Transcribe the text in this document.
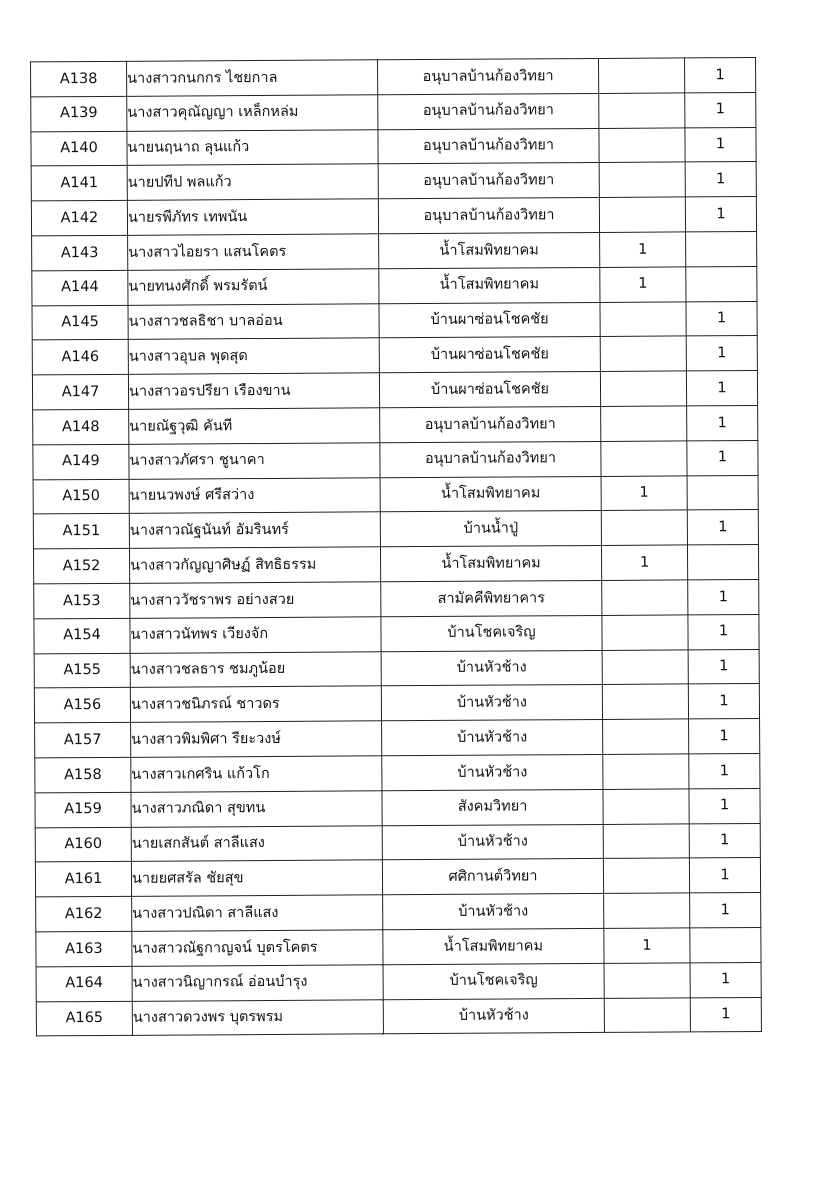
A138	นางสาวกนกกร ไชยกาล	อนุบาลบ้านก้องวิทยา		1
A139	นางสาวคุณัญญา เหล็กหล่ม	อนุบาลบ้านก้องวิทยา		1
A140	นายนฤนาถ ลุนแก้ว	อนุบาลบ้านก้องวิทยา		1
A141	นายปทีป พลแก้ว	อนุบาลบ้านก้องวิทยา		1
A142	นายรพีภัทร เทพนัน	อนุบาลบ้านก้องวิทยา		1
A143	นางสาวไอยรา แสนโคตร	น้ำโสมพิทยาคม	1	
A144	นายทนงศักดิ์ พรมรัตน์	น้ำโสมพิทยาคม	1	
A145	นางสาวชลธิชา บาลอ่อน	บ้านผาซ่อนโชคชัย		1
A146	นางสาวอุบล พุดสุด	บ้านผาซ่อนโชคชัย		1
A147	นางสาวอรปรียา เรืองขาน	บ้านผาซ่อนโชคชัย		1
A148	นายณัฐวุฒิ คันที	อนุบาลบ้านก้องวิทยา		1
A149	นางสาวภัศรา ชูนาคา	อนุบาลบ้านก้องวิทยา		1
A150	นายนวพงษ์ ศรีสว่าง	น้ำโสมพิทยาคม	1	
A151	นางสาวณัฐนันท์ อัมรินทร์	บ้านน้ำปู่		1
A152	นางสาวกัญญาศิษฏ์ สิทธิธรรม	น้ำโสมพิทยาคม	1	
A153	นางสาววัชราพร อย่างสวย	สามัคคีพิทยาคาร		1
A154	นางสาวนัทพร เวียงจัก	บ้านโชคเจริญ		1
A155	นางสาวชลธาร ชมภูน้อย	บ้านหัวช้าง		1
A156	นางสาวชนิภรณ์ ชาวดร	บ้านหัวช้าง		1
A157	นางสาวพิมพิศา รียะวงษ์	บ้านหัวช้าง		1
A158	นางสาวเกศริน แก้วโก	บ้านหัวช้าง		1
A159	นางสาวภณิดา สุขทน	สังคมวิทยา		1
A160	นายเสกสันต์ สาลีแสง	บ้านหัวช้าง		1
A161	นายยศสรัล ชัยสุข	ศศิกานต์วิทยา		1
A162	นางสาวปณิดา สาลีแสง	บ้านหัวช้าง		1
A163	นางสาวณัฐกาญจน์ บุตรโคตร	น้ำโสมพิทยาคม	1	
A164	นางสาวนิญากรณ์ อ่อนบำรุง	บ้านโชคเจริญ		1
A165	นางสาวดวงพร บุตรพรม	บ้านหัวช้าง		1
